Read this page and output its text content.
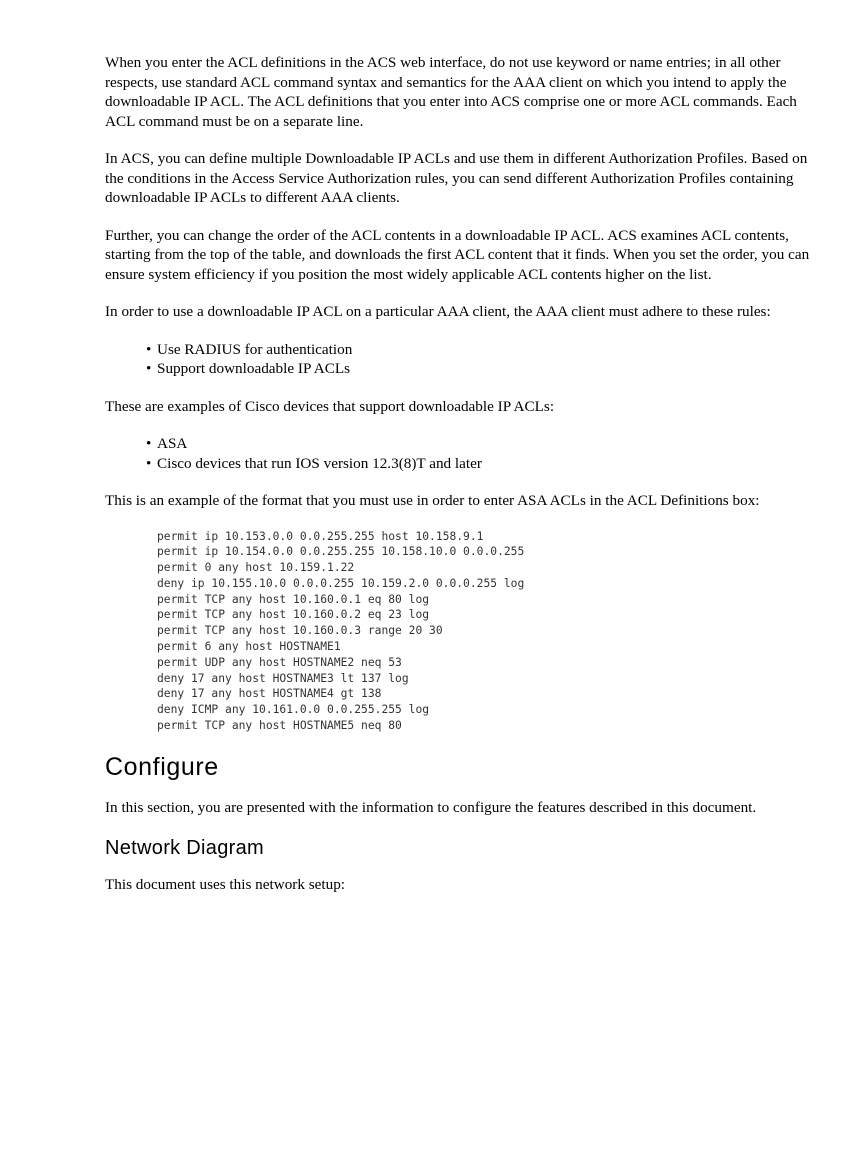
When you enter the ACL definitions in the ACS web interface, do not use keyword or name entries; in all other respects, use standard ACL command syntax and semantics for the AAA client on which you intend to apply the downloadable IP ACL. The ACL definitions that you enter into ACS comprise one or more ACL commands. Each ACL command must be on a separate line.

In ACS, you can define multiple Downloadable IP ACLs and use them in different Authorization Profiles. Based on the conditions in the Access Service Authorization rules, you can send different Authorization Profiles containing downloadable IP ACLs to different AAA clients.

Further, you can change the order of the ACL contents in a downloadable IP ACL. ACS examines ACL contents, starting from the top of the table, and downloads the first ACL content that it finds. When you set the order, you can ensure system efficiency if you position the most widely applicable ACL contents higher on the list.

In order to use a downloadable IP ACL on a particular AAA client, the AAA client must adhere to these rules:

• Use RADIUS for authentication
• Support downloadable IP ACLs

These are examples of Cisco devices that support downloadable IP ACLs:

• ASA
• Cisco devices that run IOS version 12.3(8)T and later

This is an example of the format that you must use in order to enter ASA ACLs in the ACL Definitions box:

permit ip 10.153.0.0 0.0.255.255 host 10.158.9.1
permit ip 10.154.0.0 0.0.255.255 10.158.10.0 0.0.0.255
permit 0 any host 10.159.1.22
deny ip 10.155.10.0 0.0.0.255 10.159.2.0 0.0.0.255 log
permit TCP any host 10.160.0.1 eq 80 log
permit TCP any host 10.160.0.2 eq 23 log
permit TCP any host 10.160.0.3 range 20 30
permit 6 any host HOSTNAME1
permit UDP any host HOSTNAME2 neq 53
deny 17 any host HOSTNAME3 lt 137 log
deny 17 any host HOSTNAME4 gt 138
deny ICMP any 10.161.0.0 0.0.255.255 log
permit TCP any host HOSTNAME5 neq 80
Configure

In this section, you are presented with the information to configure the features described in this document.

Network Diagram

This document uses this network setup:
